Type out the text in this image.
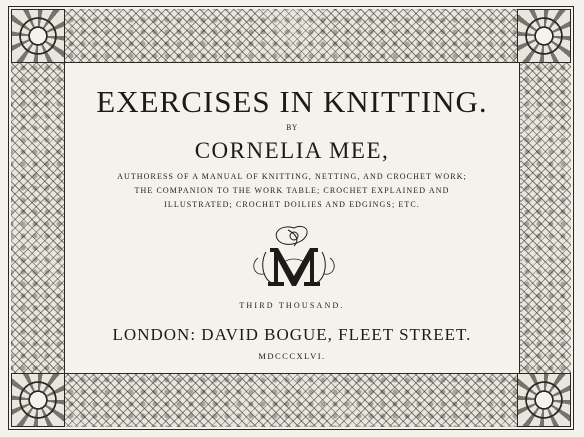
EXERCISES IN KNITTING.
BY
CORNELIA MEE,
AUTHORESS OF A MANUAL OF KNITTING, NETTING, AND CROCHET WORK;
THE COMPANION TO THE WORK TABLE; CROCHET EXPLAINED AND
ILLUSTRATED; CROCHET DOILIES AND EDGINGS; ETC.
THIRD THOUSAND.
LONDON: DAVID BOGUE, FLEET STREET.
MDCCCXLVI.
